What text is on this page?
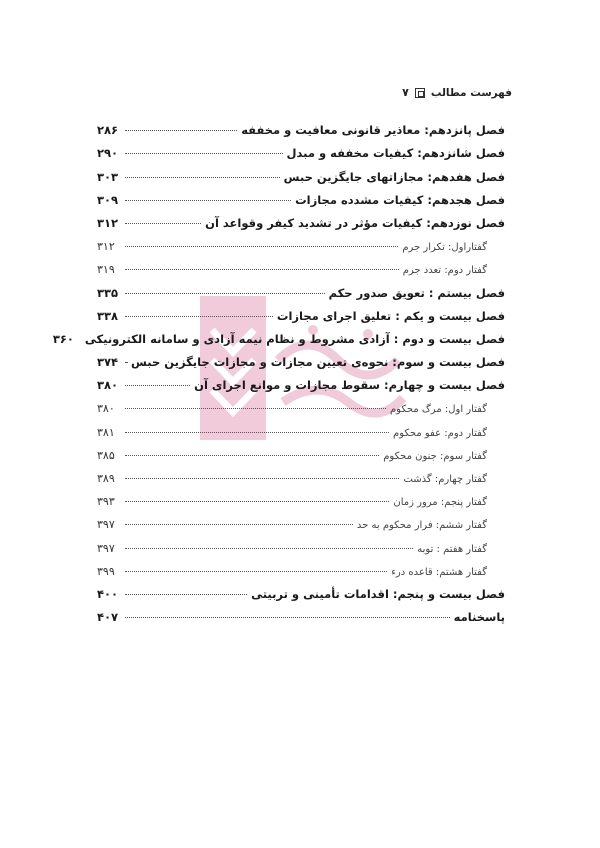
فهرست مطالب
۷
فصل پانزدهم: معاذیر قانونی معافیت و مخففه
۲۸۶
فصل شانزدهم: کیفیات مخففه و مبدل
۲۹۰
فصل هفدهم: مجازاتهای جایگزین حبس
۳۰۳
فصل هجدهم: کیفیات مشدده مجازات
۳۰۹
فصل نوزدهم: کیفیات مؤثر در تشدید کیفر وقواعد آن
۳۱۲
گفتاراول: تکرار جرم
۳۱۲
گفتار دوم: تعدد جرم
۳۱۹
فصل بیستم : تعویق صدور حکم
۳۳۵
فصل بیست و یکم : تعلیق اجرای مجازات
۳۳۸
فصل بیست و دوم : آزادی مشروط و نظام نیمه آزادی و سامانه الکترونیکی
۳۶۰
فصل بیست و سوم: نحوه‌ی تعیین مجازات و مجازات جایگزین حبس
۳۷۴
فصل بیست و چهارم: سقوط مجازات و موانع اجرای آن
۳۸۰
گفتار اول: مرگ محکوم
۳۸۰
گفتار دوم: عفو محکوم
۳۸۱
گفتار سوم: جنون محکوم
۳۸۵
گفتار چهارم: گذشت
۳۸۹
گفتار پنجم: مرور زمان
۳۹۳
گفتار ششم: فرار محکوم به حد
۳۹۷
گفتار هفتم : توبه
۳۹۷
گفتار هشتم: قاعده درء
۳۹۹
فصل بیست و پنجم: اقدامات تأمینی و تربیتی
۴۰۰
پاسخنامه
۴۰۷
